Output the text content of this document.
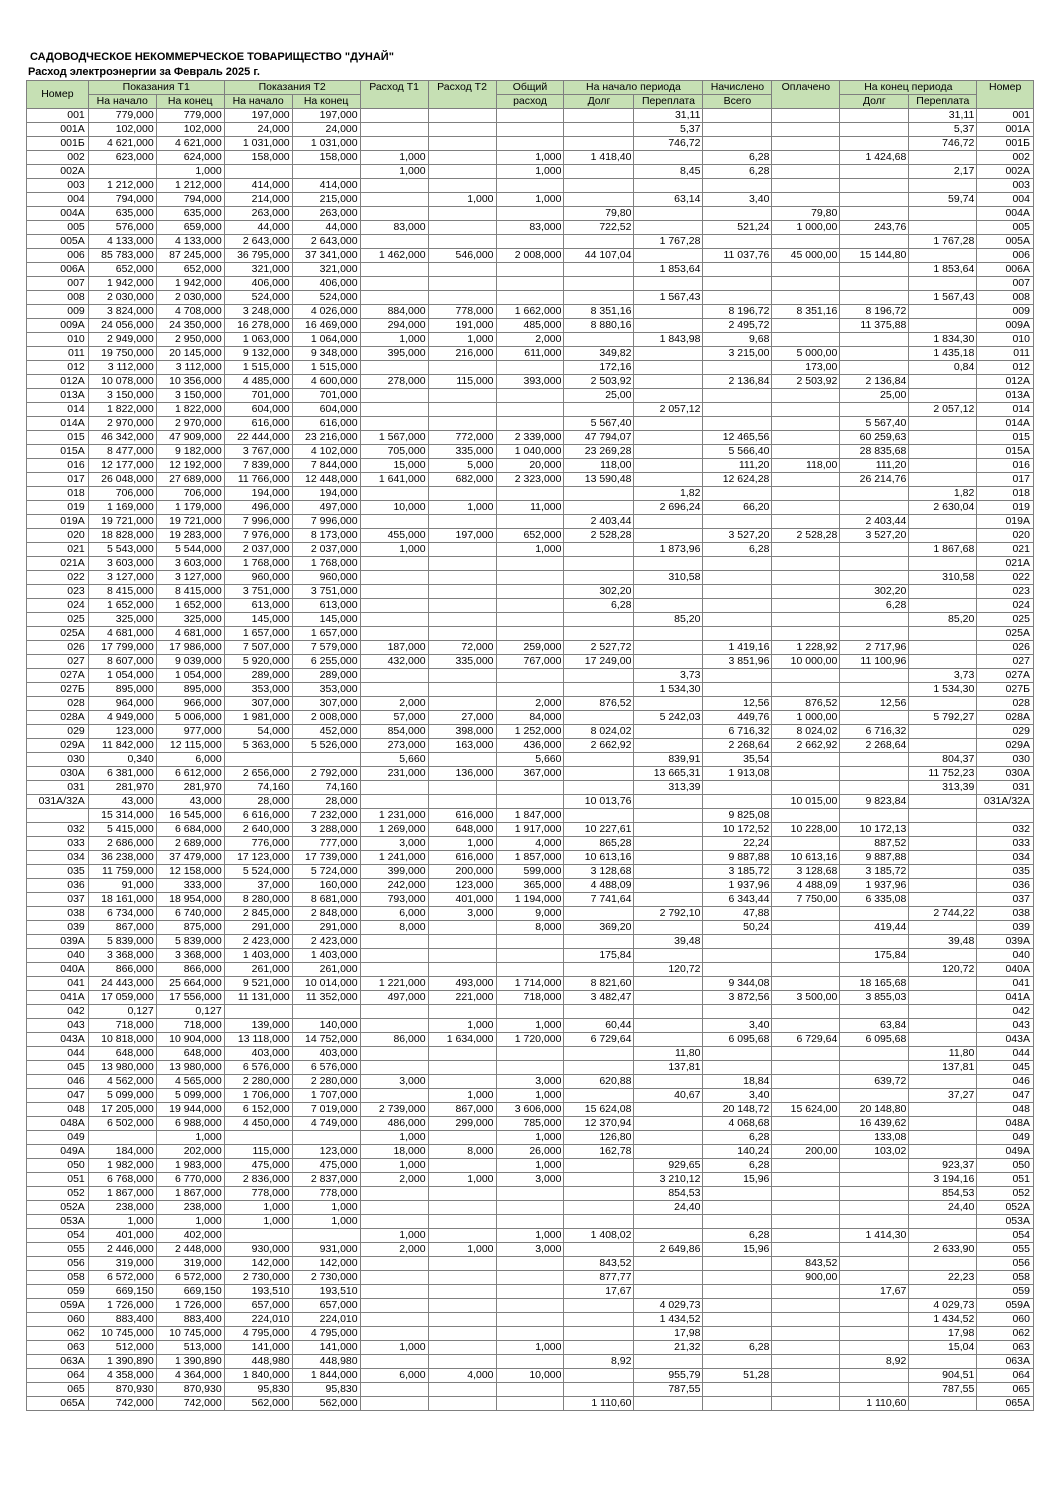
САДОВОДЧЕСКОЕ НЕКОММЕРЧЕСКОЕ ТОВАРИЩЕСТВО "ДУНАЙ"
Расход электроэнергии за Февраль 2025 г.
Номер	Показания Т1		Показания Т2		Расход Т1	Расход Т2	Общий	На начало периода		Начислено	Оплачено	На конец периода		Номер
	На начало	На конец	На начало	На конец			расход	Долг	Переплата	Всего		Долг	Переплата	
001	779,000	779,000	197,000	197,000					31,11				31,11	001
001А	102,000	102,000	24,000	24,000					5,37				5,37	001А
001Б	4 621,000	4 621,000	1 031,000	1 031,000					746,72				746,72	001Б
002	623,000	624,000	158,000	158,000	1,000		1,000	1 418,40		6,28		1 424,68		002
002А		1,000			1,000		1,000		8,45	6,28			2,17	002А
003	1 212,000	1 212,000	414,000	414,000										003
004	794,000	794,000	214,000	215,000		1,000	1,000		63,14	3,40			59,74	004
004А	635,000	635,000	263,000	263,000				79,80			79,80			004А
005	576,000	659,000	44,000	44,000	83,000		83,000	722,52		521,24	1 000,00	243,76		005
005А	4 133,000	4 133,000	2 643,000	2 643,000					1 767,28				1 767,28	005А
006	85 783,000	87 245,000	36 795,000	37 341,000	1 462,000	546,000	2 008,000	44 107,04		11 037,76	45 000,00	15 144,80		006
006А	652,000	652,000	321,000	321,000					1 853,64				1 853,64	006А
007	1 942,000	1 942,000	406,000	406,000										007
008	2 030,000	2 030,000	524,000	524,000					1 567,43				1 567,43	008
009	3 824,000	4 708,000	3 248,000	4 026,000	884,000	778,000	1 662,000	8 351,16		8 196,72	8 351,16	8 196,72		009
009А	24 056,000	24 350,000	16 278,000	16 469,000	294,000	191,000	485,000	8 880,16		2 495,72		11 375,88		009А
010	2 949,000	2 950,000	1 063,000	1 064,000	1,000	1,000	2,000		1 843,98	9,68			1 834,30	010
011	19 750,000	20 145,000	9 132,000	9 348,000	395,000	216,000	611,000	349,82		3 215,00	5 000,00		1 435,18	011
012	3 112,000	3 112,000	1 515,000	1 515,000				172,16			173,00		0,84	012
012А	10 078,000	10 356,000	4 485,000	4 600,000	278,000	115,000	393,000	2 503,92		2 136,84	2 503,92	2 136,84		012А
013А	3 150,000	3 150,000	701,000	701,000				25,00				25,00		013А
014	1 822,000	1 822,000	604,000	604,000					2 057,12				2 057,12	014
014А	2 970,000	2 970,000	616,000	616,000				5 567,40				5 567,40		014А
015	46 342,000	47 909,000	22 444,000	23 216,000	1 567,000	772,000	2 339,000	47 794,07		12 465,56		60 259,63		015
015А	8 477,000	9 182,000	3 767,000	4 102,000	705,000	335,000	1 040,000	23 269,28		5 566,40		28 835,68		015А
016	12 177,000	12 192,000	7 839,000	7 844,000	15,000	5,000	20,000	118,00		111,20	118,00	111,20		016
017	26 048,000	27 689,000	11 766,000	12 448,000	1 641,000	682,000	2 323,000	13 590,48		12 624,28		26 214,76		017
018	706,000	706,000	194,000	194,000					1,82				1,82	018
019	1 169,000	1 179,000	496,000	497,000	10,000	1,000	11,000		2 696,24	66,20			2 630,04	019
019А	19 721,000	19 721,000	7 996,000	7 996,000				2 403,44				2 403,44		019А
020	18 828,000	19 283,000	7 976,000	8 173,000	455,000	197,000	652,000	2 528,28		3 527,20	2 528,28	3 527,20		020
021	5 543,000	5 544,000	2 037,000	2 037,000	1,000		1,000		1 873,96	6,28			1 867,68	021
021А	3 603,000	3 603,000	1 768,000	1 768,000										021А
022	3 127,000	3 127,000	960,000	960,000					310,58				310,58	022
023	8 415,000	8 415,000	3 751,000	3 751,000				302,20				302,20		023
024	1 652,000	1 652,000	613,000	613,000				6,28				6,28		024
025	325,000	325,000	145,000	145,000					85,20				85,20	025
025А	4 681,000	4 681,000	1 657,000	1 657,000										025А
026	17 799,000	17 986,000	7 507,000	7 579,000	187,000	72,000	259,000	2 527,72		1 419,16	1 228,92	2 717,96		026
027	8 607,000	9 039,000	5 920,000	6 255,000	432,000	335,000	767,000	17 249,00		3 851,96	10 000,00	11 100,96		027
027А	1 054,000	1 054,000	289,000	289,000					3,73				3,73	027А
027Б	895,000	895,000	353,000	353,000					1 534,30				1 534,30	027Б
028	964,000	966,000	307,000	307,000	2,000		2,000	876,52		12,56	876,52	12,56		028
028А	4 949,000	5 006,000	1 981,000	2 008,000	57,000	27,000	84,000		5 242,03	449,76	1 000,00		5 792,27	028А
029	123,000	977,000	54,000	452,000	854,000	398,000	1 252,000	8 024,02		6 716,32	8 024,02	6 716,32		029
029А	11 842,000	12 115,000	5 363,000	5 526,000	273,000	163,000	436,000	2 662,92		2 268,64	2 662,92	2 268,64		029А
030	0,340	6,000			5,660		5,660		839,91	35,54			804,37	030
030А	6 381,000	6 612,000	2 656,000	2 792,000	231,000	136,000	367,000		13 665,31	1 913,08			11 752,23	030А
031	281,970	281,970	74,160	74,160					313,39				313,39	031
031А/32А	43,000	43,000	28,000	28,000				10 013,76			10 015,00	9 823,84		031А/32А
	15 314,000	16 545,000	6 616,000	7 232,000	1 231,000	616,000	1 847,000			9 825,08				
032	5 415,000	6 684,000	2 640,000	3 288,000	1 269,000	648,000	1 917,000	10 227,61		10 172,52	10 228,00	10 172,13		032
033	2 686,000	2 689,000	776,000	777,000	3,000	1,000	4,000	865,28		22,24		887,52		033
034	36 238,000	37 479,000	17 123,000	17 739,000	1 241,000	616,000	1 857,000	10 613,16		9 887,88	10 613,16	9 887,88		034
035	11 759,000	12 158,000	5 524,000	5 724,000	399,000	200,000	599,000	3 128,68		3 185,72	3 128,68	3 185,72		035
036	91,000	333,000	37,000	160,000	242,000	123,000	365,000	4 488,09		1 937,96	4 488,09	1 937,96		036
037	18 161,000	18 954,000	8 280,000	8 681,000	793,000	401,000	1 194,000	7 741,64		6 343,44	7 750,00	6 335,08		037
038	6 734,000	6 740,000	2 845,000	2 848,000	6,000	3,000	9,000		2 792,10	47,88			2 744,22	038
039	867,000	875,000	291,000	291,000	8,000		8,000	369,20		50,24		419,44		039
039А	5 839,000	5 839,000	2 423,000	2 423,000					39,48				39,48	039А
040	3 368,000	3 368,000	1 403,000	1 403,000				175,84				175,84		040
040А	866,000	866,000	261,000	261,000					120,72				120,72	040А
041	24 443,000	25 664,000	9 521,000	10 014,000	1 221,000	493,000	1 714,000	8 821,60		9 344,08		18 165,68		041
041А	17 059,000	17 556,000	11 131,000	11 352,000	497,000	221,000	718,000	3 482,47		3 872,56	3 500,00	3 855,03		041А
042	0,127	0,127												042
043	718,000	718,000	139,000	140,000		1,000	1,000	60,44		3,40		63,84		043
043А	10 818,000	10 904,000	13 118,000	14 752,000	86,000	1 634,000	1 720,000	6 729,64		6 095,68	6 729,64	6 095,68		043А
044	648,000	648,000	403,000	403,000					11,80				11,80	044
045	13 980,000	13 980,000	6 576,000	6 576,000					137,81				137,81	045
046	4 562,000	4 565,000	2 280,000	2 280,000	3,000		3,000	620,88		18,84		639,72		046
047	5 099,000	5 099,000	1 706,000	1 707,000		1,000	1,000		40,67	3,40			37,27	047
048	17 205,000	19 944,000	6 152,000	7 019,000	2 739,000	867,000	3 606,000	15 624,08		20 148,72	15 624,00	20 148,80		048
048А	6 502,000	6 988,000	4 450,000	4 749,000	486,000	299,000	785,000	12 370,94		4 068,68		16 439,62		048А
049		1,000			1,000		1,000	126,80		6,28		133,08		049
049А	184,000	202,000	115,000	123,000	18,000	8,000	26,000	162,78		140,24	200,00	103,02		049А
050	1 982,000	1 983,000	475,000	475,000	1,000		1,000		929,65	6,28			923,37	050
051	6 768,000	6 770,000	2 836,000	2 837,000	2,000	1,000	3,000		3 210,12	15,96			3 194,16	051
052	1 867,000	1 867,000	778,000	778,000					854,53				854,53	052
052А	238,000	238,000	1,000	1,000					24,40				24,40	052А
053А	1,000	1,000	1,000	1,000										053А
054	401,000	402,000			1,000		1,000	1 408,02		6,28		1 414,30		054
055	2 446,000	2 448,000	930,000	931,000	2,000	1,000	3,000		2 649,86	15,96			2 633,90	055
056	319,000	319,000	142,000	142,000				843,52			843,52			056
058	6 572,000	6 572,000	2 730,000	2 730,000				877,77			900,00		22,23	058
059	669,150	669,150	193,510	193,510				17,67				17,67		059
059А	1 726,000	1 726,000	657,000	657,000					4 029,73				4 029,73	059А
060	883,400	883,400	224,010	224,010					1 434,52				1 434,52	060
062	10 745,000	10 745,000	4 795,000	4 795,000					17,98				17,98	062
063	512,000	513,000	141,000	141,000	1,000		1,000		21,32	6,28			15,04	063
063А	1 390,890	1 390,890	448,980	448,980				8,92				8,92		063А
064	4 358,000	4 364,000	1 840,000	1 844,000	6,000	4,000	10,000		955,79	51,28			904,51	064
065	870,930	870,930	95,830	95,830					787,55				787,55	065
065А	742,000	742,000	562,000	562,000				1 110,60				1 110,60		065А
